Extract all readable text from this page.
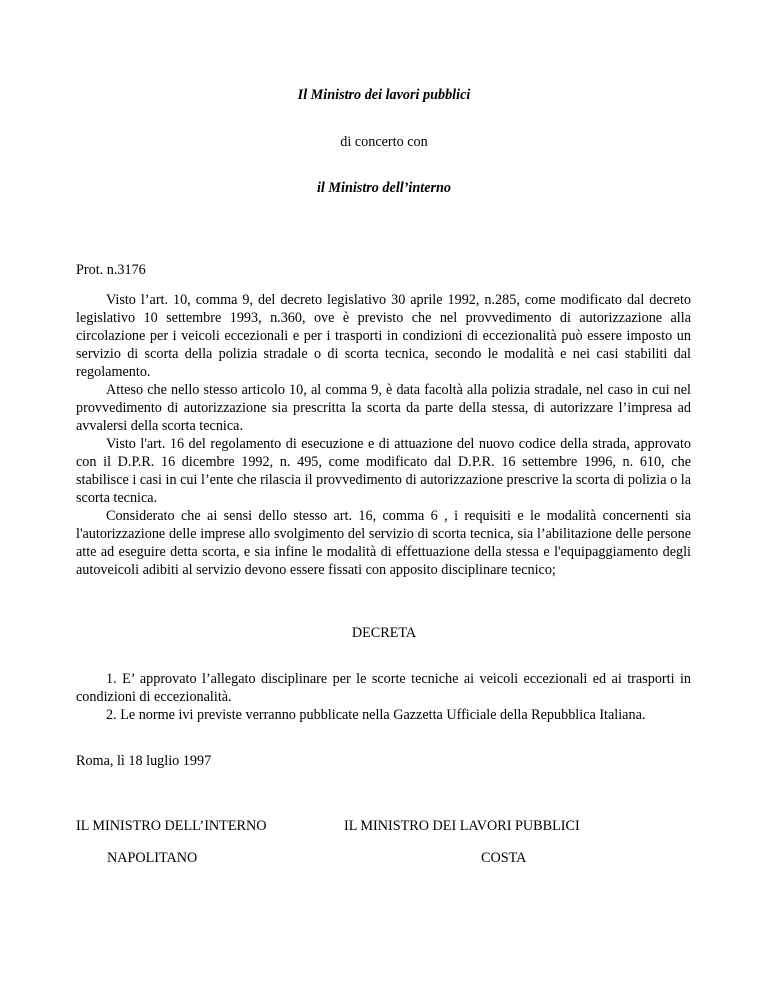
Il Ministro dei lavori pubblici
di concerto con
il Ministro dell’interno
Prot. n.3176

Visto l’art. 10, comma 9, del decreto legislativo 30 aprile 1992, n.285, come modificato dal decreto legislativo 10 settembre 1993, n.360, ove è previsto che nel provvedimento di autorizzazione alla circolazione per i veicoli eccezionali e per i trasporti in condizioni di eccezionalità può essere imposto un servizio di scorta della polizia stradale o di scorta tecnica, secondo le modalità e nei casi stabiliti dal regolamento.

Atteso che nello stesso articolo 10, al comma 9, è data facoltà alla polizia stradale, nel caso in cui nel provvedimento di autorizzazione sia prescritta la scorta da parte della stessa, di autorizzare l’impresa ad avvalersi della scorta tecnica.

Visto l'art. 16 del regolamento di esecuzione e di attuazione del nuovo codice della strada, approvato con il D.P.R. 16 dicembre 1992, n. 495, come modificato dal D.P.R. 16 settembre 1996, n. 610, che stabilisce i casi in cui l’ente che rilascia il provvedimento di autorizzazione prescrive la scorta di polizia o la scorta tecnica.

Considerato che ai sensi dello stesso art. 16, comma 6 , i requisiti e le modalità concernenti sia l'autorizzazione delle imprese allo svolgimento del servizio di scorta tecnica, sia l’abilitazione delle persone atte ad eseguire detta scorta, e sia infine le modalità di effettuazione della stessa e l'equipaggiamento degli autoveicoli adibiti al servizio devono essere fissati con apposito disciplinare tecnico;

DECRETA

1. E’ approvato l’allegato disciplinare per le scorte tecniche ai veicoli eccezionali ed ai trasporti in condizioni di eccezionalità.

2. Le norme ivi previste verranno pubblicate nella Gazzetta Ufficiale della Repubblica Italiana.

Roma, lì 18 luglio 1997
IL MINISTRO DELL’INTERNO	IL MINISTRO DEI LAVORI PUBBLICI
NAPOLITANO	COSTA
